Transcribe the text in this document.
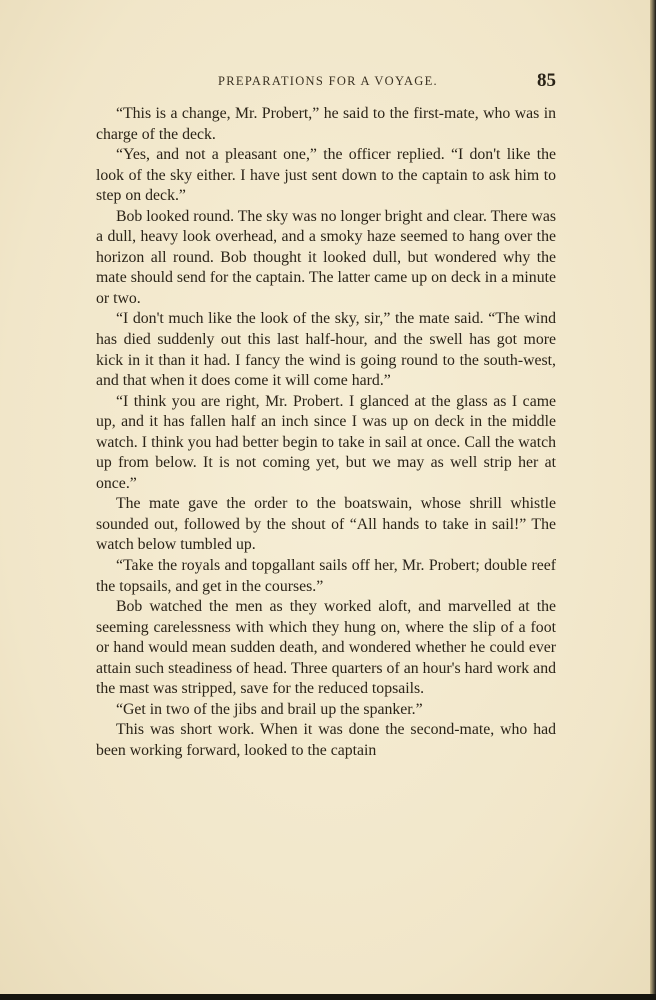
PREPARATIONS FOR A VOYAGE.	85

“This is a change, Mr. Probert,” he said to the first-mate, who was in charge of the deck.

“Yes, and not a pleasant one,” the officer replied. “I don't like the look of the sky either. I have just sent down to the captain to ask him to step on deck.”

Bob looked round. The sky was no longer bright and clear. There was a dull, heavy look overhead, and a smoky haze seemed to hang over the horizon all round. Bob thought it looked dull, but wondered why the mate should send for the captain. The latter came up on deck in a minute or two.

“I don't much like the look of the sky, sir,” the mate said. “The wind has died suddenly out this last half-hour, and the swell has got more kick in it than it had. I fancy the wind is going round to the south-west, and that when it does come it will come hard.”

“I think you are right, Mr. Probert. I glanced at the glass as I came up, and it has fallen half an inch since I was up on deck in the middle watch. I think you had better begin to take in sail at once. Call the watch up from below. It is not coming yet, but we may as well strip her at once.”

The mate gave the order to the boatswain, whose shrill whistle sounded out, followed by the shout of “All hands to take in sail!” The watch below tumbled up.

“Take the royals and topgallant sails off her, Mr. Probert; double reef the topsails, and get in the courses.”

Bob watched the men as they worked aloft, and marvelled at the seeming carelessness with which they hung on, where the slip of a foot or hand would mean sudden death, and wondered whether he could ever attain such steadiness of head. Three quarters of an hour's hard work and the mast was stripped, save for the reduced topsails.

“Get in two of the jibs and brail up the spanker.”

This was short work. When it was done the second-mate, who had been working forward, looked to the captain
